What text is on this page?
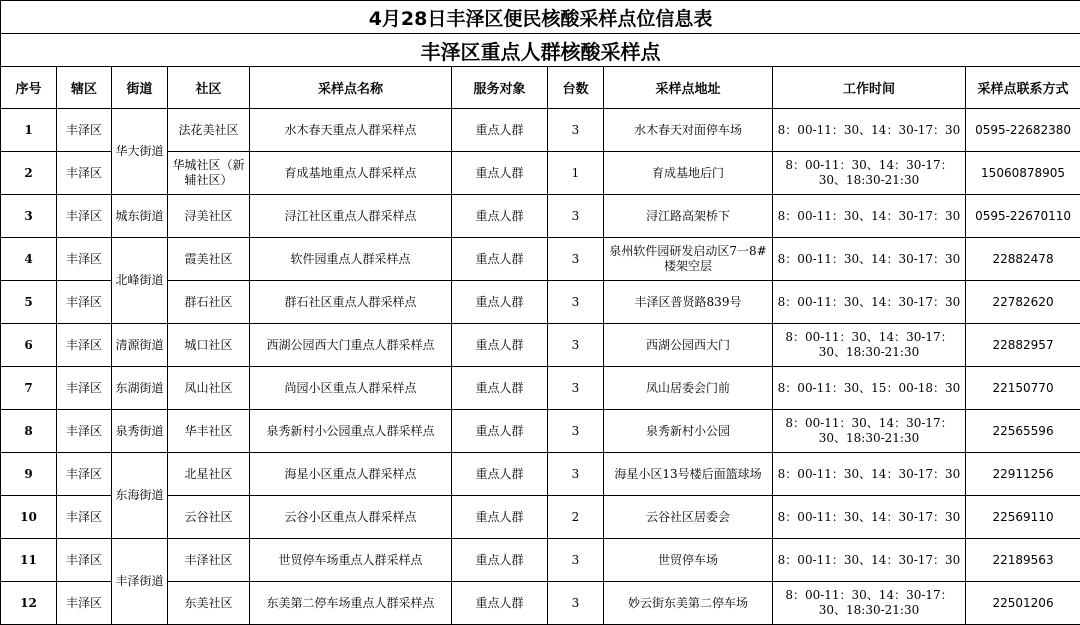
4月28日丰泽区便民核酸采样点位信息表									
丰泽区重点人群核酸采样点									
序号	辖区	街道	社区	采样点名称	服务对象	台数	采样点地址	工作时间	采样点联系方式
1	丰泽区	华大街道	法花美社区	水木春天重点人群采样点	重点人群	3	水木春天对面停车场	8：00-11：30、14：30-17：30	0595-22682380
2	丰泽区		华城社区（新辅社区）	育成基地重点人群采样点	重点人群	1	育成基地后门	8：00-11：30、14：30-17：30、18:30-21:30	15060878905
3	丰泽区	城东街道	浔美社区	浔江社区重点人群采样点	重点人群	3	浔江路高架桥下	8：00-11：30、14：30-17：30	0595-22670110
4	丰泽区	北峰街道	霞美社区	软件园重点人群采样点	重点人群	3	泉州软件园研发启动区7一8#楼架空层	8：00-11：30、14：30-17：30	22882478
5	丰泽区		群石社区	群石社区重点人群采样点	重点人群	3	丰泽区普贤路839号	8：00-11：30、14：30-17：30	22782620
6	丰泽区	清源街道	城口社区	西湖公园西大门重点人群采样点	重点人群	3	西湖公园西大门	8：00-11：30、14：30-17：30、18:30-21:30	22882957
7	丰泽区	东湖街道	凤山社区	尚园小区重点人群采样点	重点人群	3	凤山居委会门前	8：00-11：30、15：00-18：30	22150770
8	丰泽区	泉秀街道	华丰社区	泉秀新村小公园重点人群采样点	重点人群	3	泉秀新村小公园	8：00-11：30、14：30-17：30、18:30-21:30	22565596
9	丰泽区	东海街道	北星社区	海星小区重点人群采样点	重点人群	3	海星小区13号楼后面篮球场	8：00-11：30、14：30-17：30	22911256
10	丰泽区		云谷社区	云谷小区重点人群采样点	重点人群	2	云谷社区居委会	8：00-11：30、14：30-17：30	22569110
11	丰泽区	丰泽街道	丰泽社区	世贸停车场重点人群采样点	重点人群	3	世贸停车场	8：00-11：30、14：30-17：30	22189563
12	丰泽区		东美社区	东美第二停车场重点人群采样点	重点人群	3	妙云街东美第二停车场	8：00-11：30、14：30-17：30、18:30-21:30	22501206
